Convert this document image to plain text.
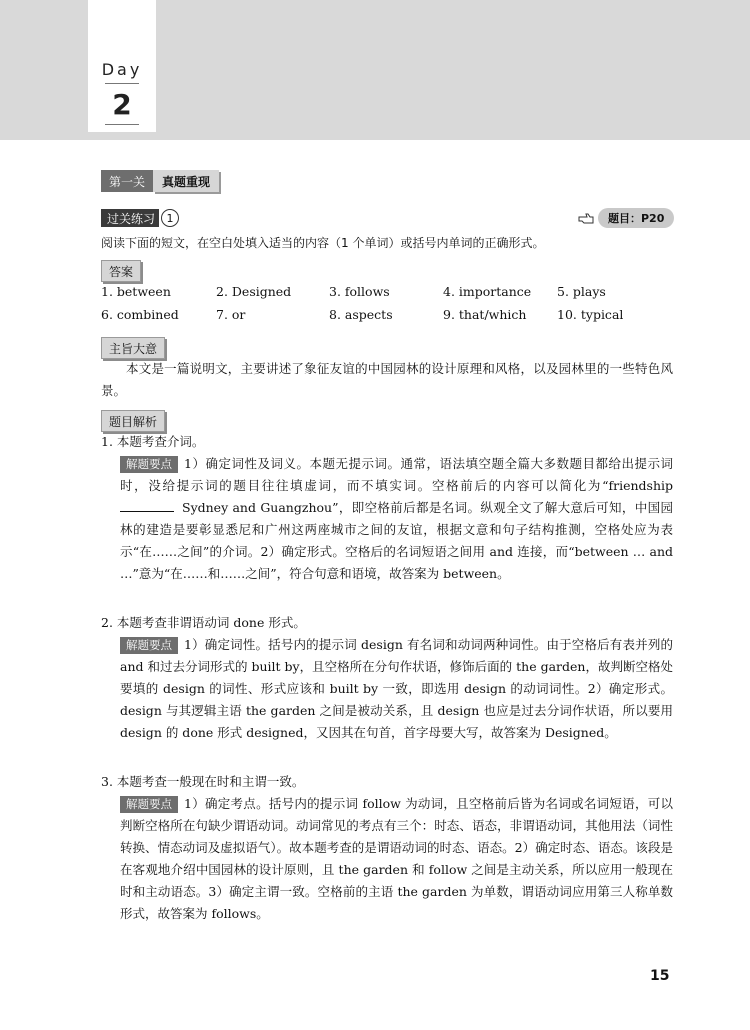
Day
2
第一关	真题重现
过关练习	1	题目：P20
阅读下面的短文，在空白处填入适当的内容（1 个单词）或括号内单词的正确形式。
答案
1. between	2. Designed	3. follows	4. importance	5. plays
6. combined	7. or	8. aspects	9. that/which	10. typical
主旨大意
本文是一篇说明文，主要讲述了象征友谊的中国园林的设计原理和风格，以及园林里的一些特色风景。
题目解析
1. 本题考查介词。
解题要点 1）确定词性及词义。本题无提示词。通常，语法填空题全篇大多数题目都给出提示词时，没给提示词的题目往往填虚词，而不填实词。空格前后的内容可以简化为“friendship Sydney and Guangzhou”，即空格前后都是名词。纵观全文了解大意后可知，中国园林的建造是要彰显悉尼和广州这两座城市之间的友谊，根据文意和句子结构推测，空格处应为表示“在……之间”的介词。2）确定形式。空格后的名词短语之间用 and 连接，而“between … and …”意为“在……和……之间”，符合句意和语境，故答案为 between。
2. 本题考查非谓语动词 done 形式。
解题要点 1）确定词性。括号内的提示词 design 有名词和动词两种词性。由于空格后有表并列的 and 和过去分词形式的 built by，且空格所在分句作状语，修饰后面的 the garden，故判断空格处要填的 design 的词性、形式应该和 built by 一致，即选用 design 的动词词性。2）确定形式。design 与其逻辑主语 the garden 之间是被动关系，且 design 也应是过去分词作状语，所以要用 design 的 done 形式 designed，又因其在句首，首字母要大写，故答案为 Designed。
3. 本题考查一般现在时和主谓一致。
解题要点 1）确定考点。括号内的提示词 follow 为动词，且空格前后皆为名词或名词短语，可以判断空格所在句缺少谓语动词。动词常见的考点有三个：时态、语态，非谓语动词，其他用法（词性转换、情态动词及虚拟语气）。故本题考查的是谓语动词的时态、语态。2）确定时态、语态。该段是在客观地介绍中国园林的设计原则，且 the garden 和 follow 之间是主动关系，所以应用一般现在时和主动语态。3）确定主谓一致。空格前的主语 the garden 为单数，谓语动词应用第三人称单数形式，故答案为 follows。
15
